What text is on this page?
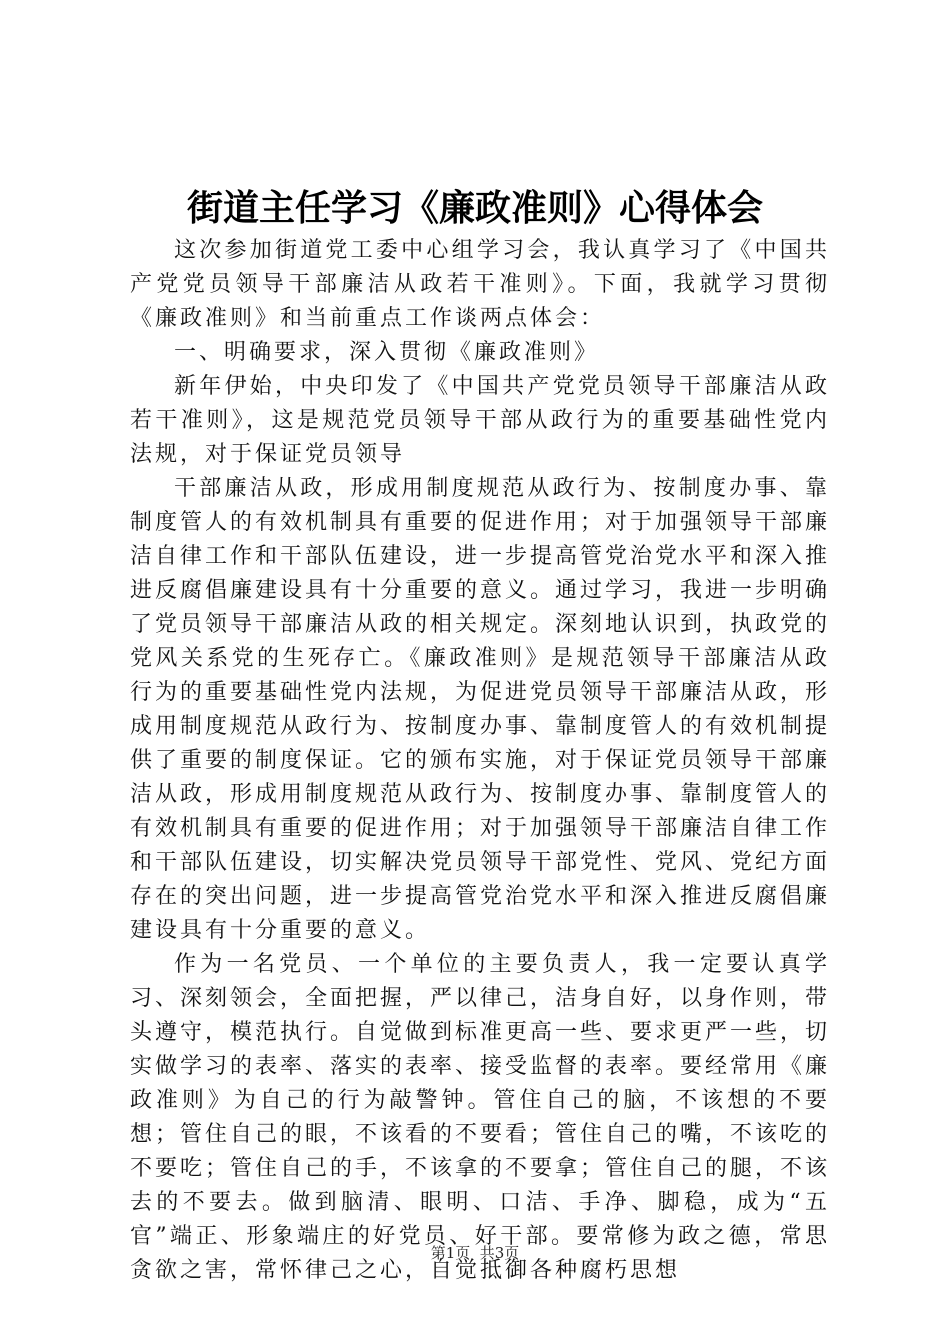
街道主任学习《廉政准则》心得体会

这次参加街道党工委中心组学习会，我认真学习了《中国共产党党员领导干部廉洁从政若干准则》。下面，我就学习贯彻《廉政准则》和当前重点工作谈两点体会：

一、明确要求，深入贯彻《廉政准则》

新年伊始，中央印发了《中国共产党党员领导干部廉洁从政若干准则》，这是规范党员领导干部从政行为的重要基础性党内法规，对于保证党员领导

干部廉洁从政，形成用制度规范从政行为、按制度办事、靠制度管人的有效机制具有重要的促进作用；对于加强领导干部廉洁自律工作和干部队伍建设，进一步提高管党治党水平和深入推进反腐倡廉建设具有十分重要的意义。通过学习，我进一步明确了党员领导干部廉洁从政的相关规定。深刻地认识到，执政党的党风关系党的生死存亡。《廉政准则》是规范领导干部廉洁从政行为的重要基础性党内法规，为促进党员领导干部廉洁从政，形成用制度规范从政行为、按制度办事、靠制度管人的有效机制提供了重要的制度保证。它的颁布实施，对于保证党员领导干部廉洁从政，形成用制度规范从政行为、按制度办事、靠制度管人的有效机制具有重要的促进作用；对于加强领导干部廉洁自律工作和干部队伍建设，切实解决党员领导干部党性、党风、党纪方面存在的突出问题，进一步提高管党治党水平和深入推进反腐倡廉建设具有十分重要的意义。

作为一名党员、一个单位的主要负责人，我一定要认真学习、深刻领会，全面把握，严以律己，洁身自好，以身作则，带头遵守，模范执行。自觉做到标准更高一些、要求更严一些，切实做学习的表率、落实的表率、接受监督的表率。要经常用《廉政准则》为自己的行为敲警钟。管住自己的脑，不该想的不要想；管住自己的眼，不该看的不要看；管住自己的嘴，不该吃的不要吃；管住自己的手，不该拿的不要拿；管住自己的腿，不该去的不要去。做到脑清、眼明、口洁、手净、脚稳，成为“五官”端正、形象端庄的好党员、好干部。要常修为政之德，常思贪欲之害，常怀律己之心，自觉抵御各种腐朽思想

第1页  共3页
